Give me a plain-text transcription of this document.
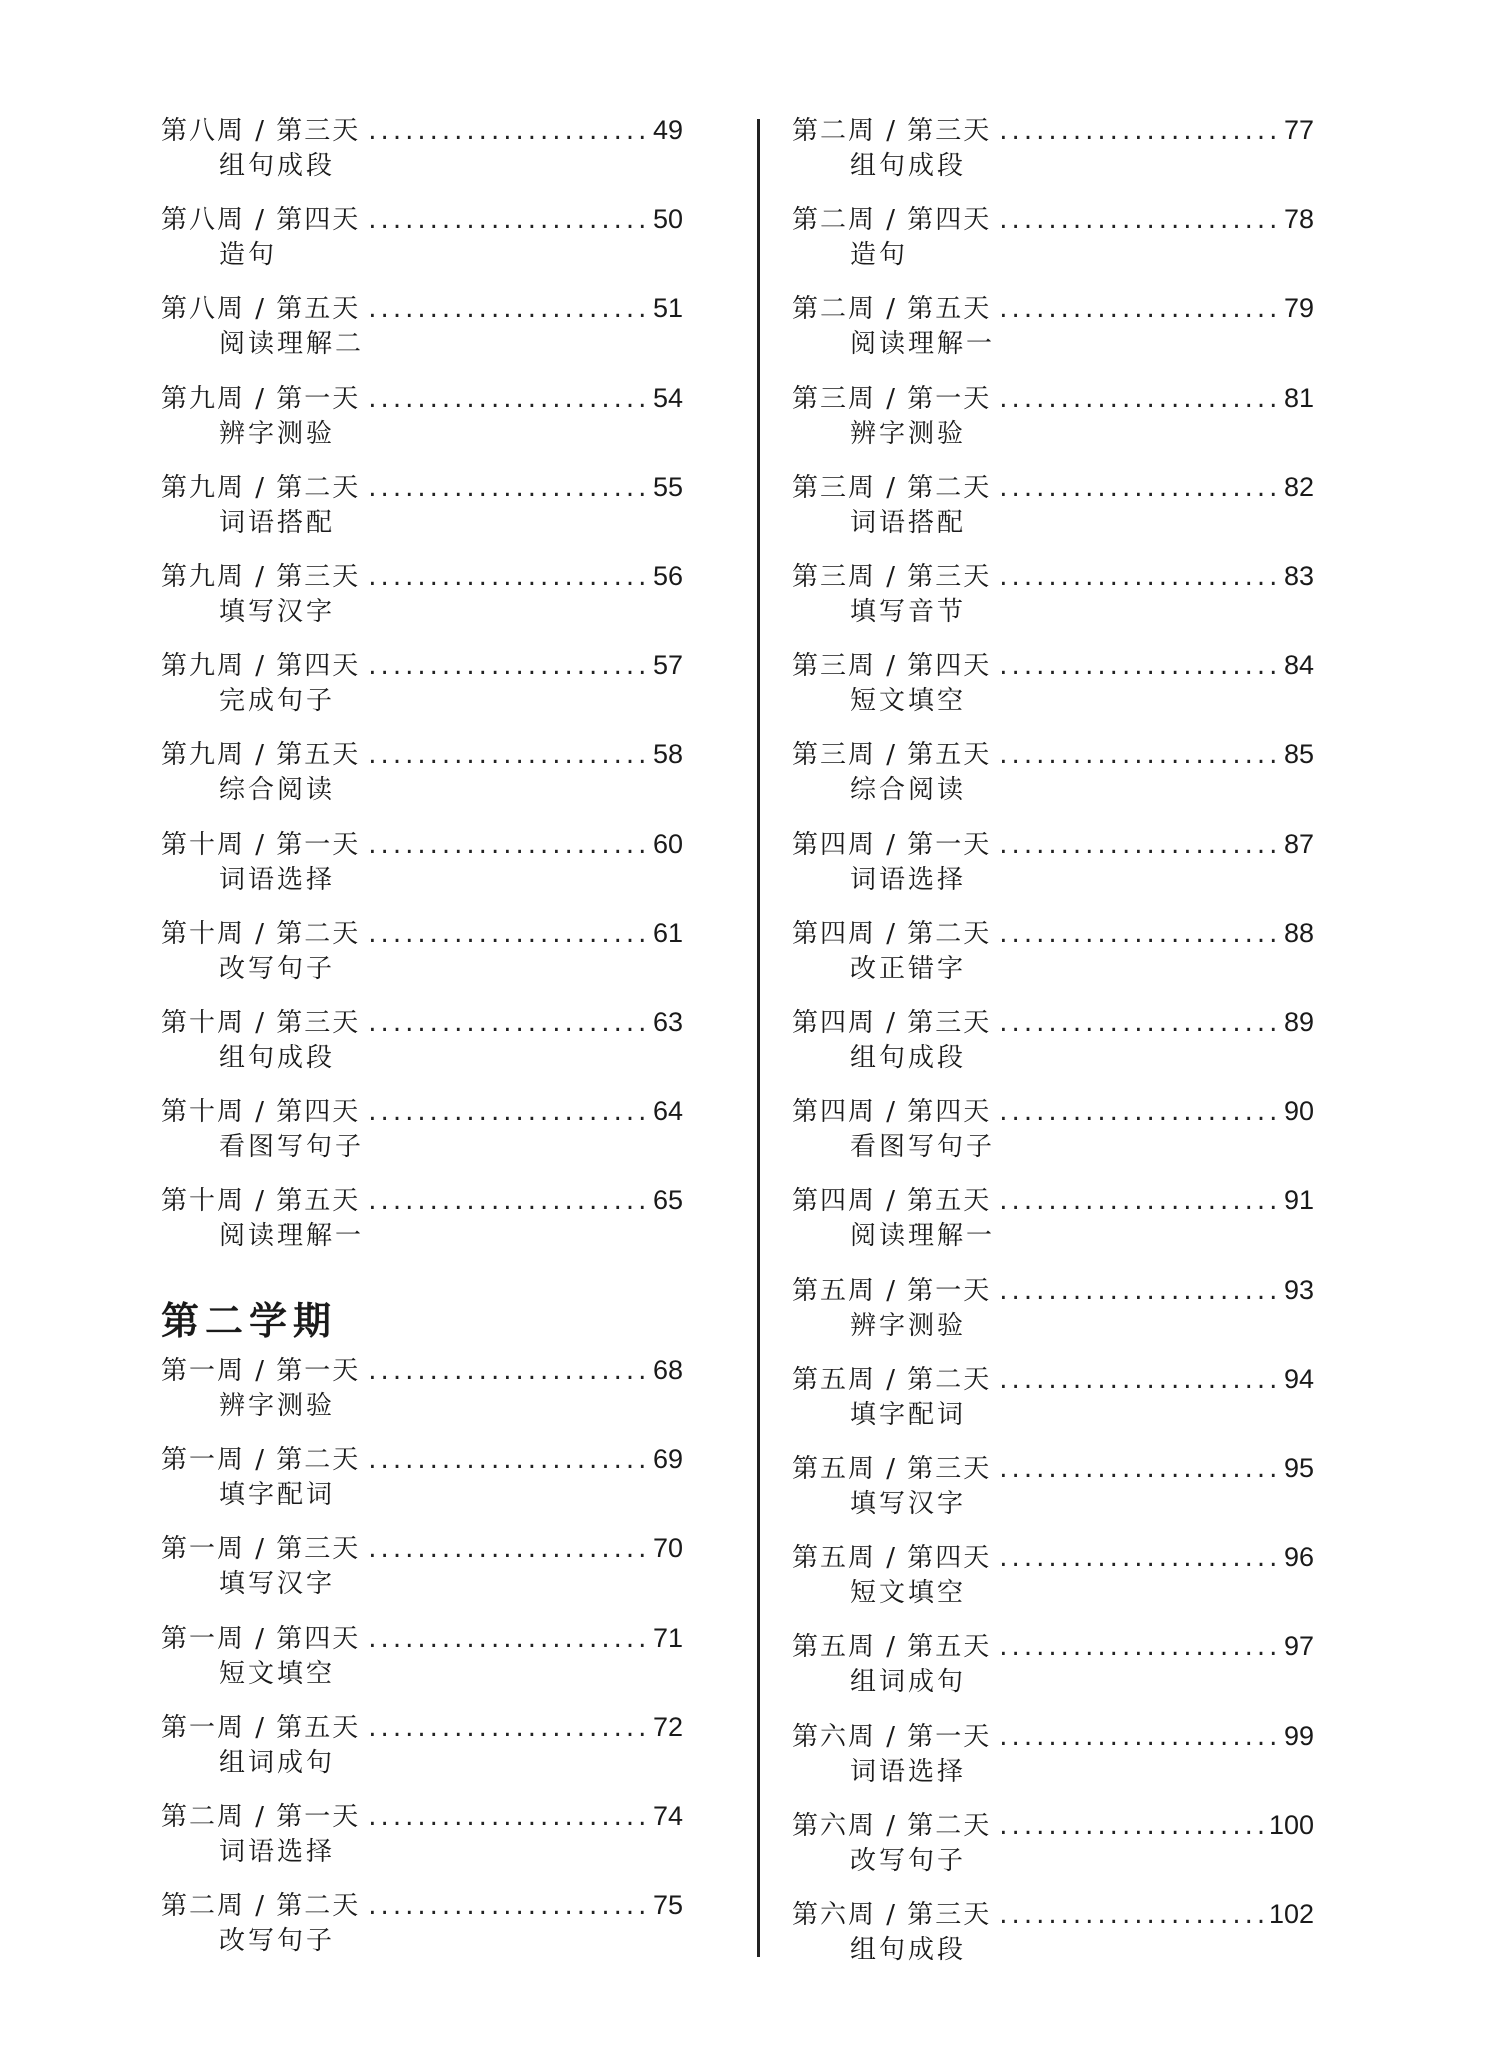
第八周 / 第三天 .....	49
组句成段
第八周 / 第四天 .....	50
造句
第八周 / 第五天 .....	51
阅读理解二
第九周 / 第一天 .....	54
辨字测验
第九周 / 第二天 .....	55
词语搭配
第九周 / 第三天 .....	56
填写汉字
第九周 / 第四天 .....	57
完成句子
第九周 / 第五天 .....	58
综合阅读
第十周 / 第一天 .....	60
词语选择
第十周 / 第二天 .....	61
改写句子
第十周 / 第三天 .....	63
组句成段
第十周 / 第四天 .....	64
看图写句子
第十周 / 第五天 .....	65
阅读理解一
第二学期
第一周 / 第一天 .....	68
辨字测验
第一周 / 第二天 .....	69
填字配词
第一周 / 第三天 .....	70
填写汉字
第一周 / 第四天 .....	71
短文填空
第一周 / 第五天 .....	72
组词成句
第二周 / 第一天 .....	74
词语选择
第二周 / 第二天 .....	75
改写句子
第二周 / 第三天 .....	77
组句成段
第二周 / 第四天 .....	78
造句
第二周 / 第五天 .....	79
阅读理解一
第三周 / 第一天 .....	81
辨字测验
第三周 / 第二天 .....	82
词语搭配
第三周 / 第三天 .....	83
填写音节
第三周 / 第四天 .....	84
短文填空
第三周 / 第五天 .....	85
综合阅读
第四周 / 第一天 .....	87
词语选择
第四周 / 第二天 .....	88
改正错字
第四周 / 第三天 .....	89
组句成段
第四周 / 第四天 .....	90
看图写句子
第四周 / 第五天 .....	91
阅读理解一
第五周 / 第一天 .....	93
辨字测验
第五周 / 第二天 .....	94
填字配词
第五周 / 第三天 .....	95
填写汉字
第五周 / 第四天 .....	96
短文填空
第五周 / 第五天 .....	97
组词成句
第六周 / 第一天 .....	99
词语选择
第六周 / 第二天 .....	100
改写句子
第六周 / 第三天 .....	102
组句成段
